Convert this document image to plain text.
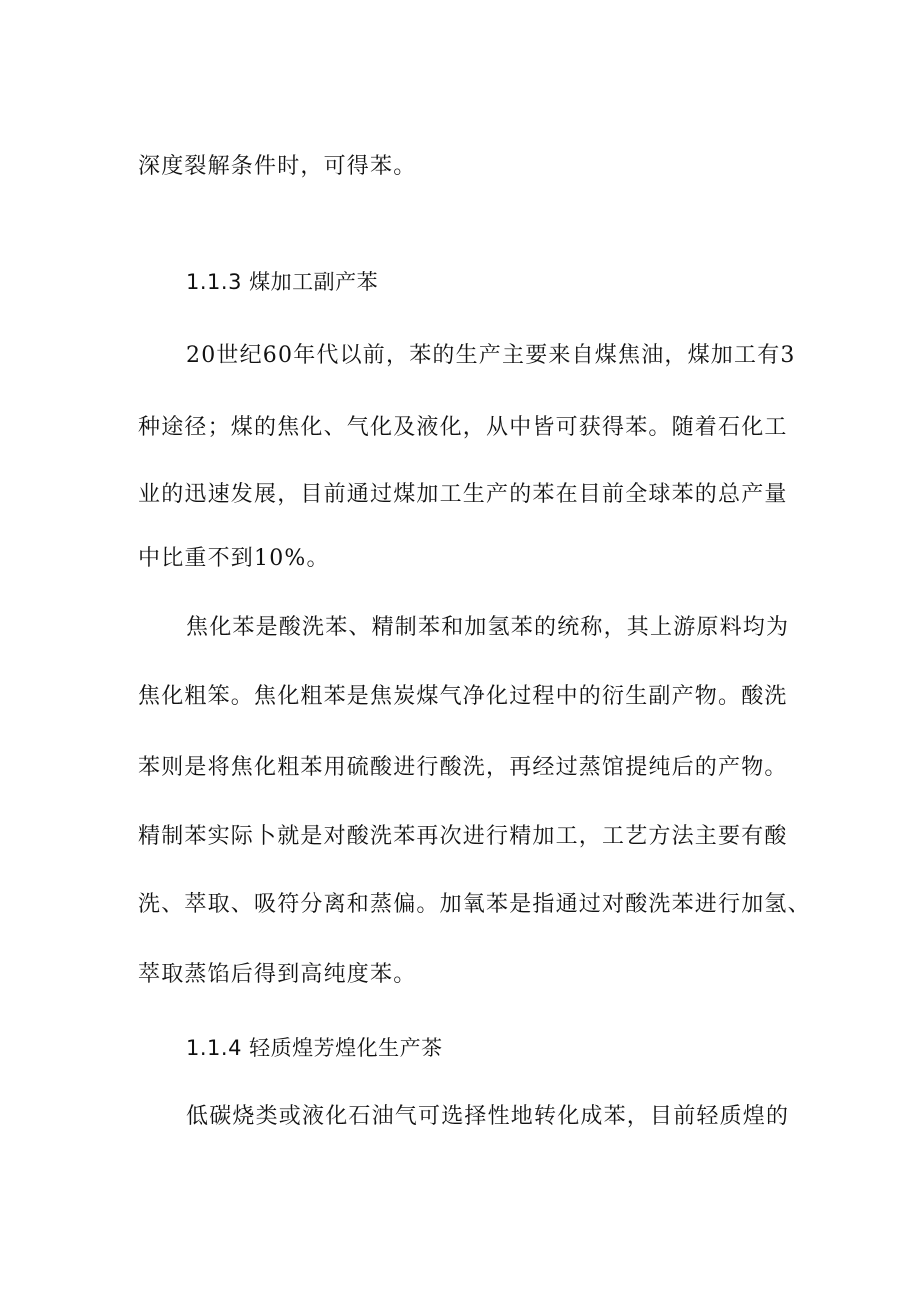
深度裂解条件时，可得苯。
1.1.3 煤加工副产苯
20世纪60年代以前，苯的生产主要来自煤焦油，煤加工有3
种途径；煤的焦化、气化及液化，从中皆可获得苯。随着石化工
业的迅速发展，目前通过煤加工生产的苯在目前全球苯的总产量
中比重不到10%。
焦化苯是酸洗苯、精制苯和加氢苯的统称，其上游原料均为
焦化粗笨。焦化粗苯是焦炭煤气净化过程中的衍生副产物。酸洗
苯则是将焦化粗苯用硫酸进行酸洗，再经过蒸馆提纯后的产物。
精制苯实际卜就是对酸洗苯再次进行精加工，工艺方法主要有酸
洗、萃取、吸符分离和蒸偏。加氧苯是指通过对酸洗苯进行加氢、
萃取蒸馅后得到高纯度苯。
1.1.4 轻质煌芳煌化生产茶
低碳烧类或液化石油气可选择性地转化成苯，目前轻质煌的
